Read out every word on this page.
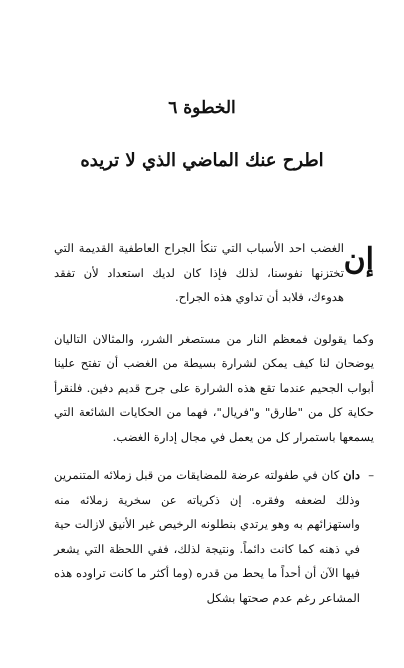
الخطوة ٦
اطرح عنك الماضي الذي لا تريده

إن
الغضب احد الأسباب التي تنكأ الجراح العاطفية القديمة التي تختزنها نفوسنا، لذلك فإذا كان لديك استعداد لأن تفقد هدوءك، فلابد أن تداوي هذه الجراح.

وكما يقولون فمعظم النار من مستصغر الشرر، والمثالان التاليان يوضحان لنا كيف يمكن لشرارة بسيطة من الغضب أن تفتح علينا أبواب الجحيم عندما تقع هذه الشرارة على جرح قديم دفين. فلنقرأ حكاية كل من "طارق" و"فريال"، فهما من الحكايات الشائعة التي يسمعها باستمرار كل من يعمل في مجال إدارة الغضب.

–
دان كان في طفولته عرضة للمضايقات من قبل زملائه المتنمرين وذلك لضعفه وفقره. إن ذكرياته عن سخرية زملائه منه واستهزائهم به وهو يرتدي بنطلونه الرخيص غير الأنيق لازالت حية في ذهنه كما كانت دائماً. ونتيجة لذلك، ففي اللحظة التي يشعر فيها الآن أن أحداً ما يحط من قدره (وما أكثر ما كانت تراوده هذه المشاعر رغم عدم صحتها بشكل
